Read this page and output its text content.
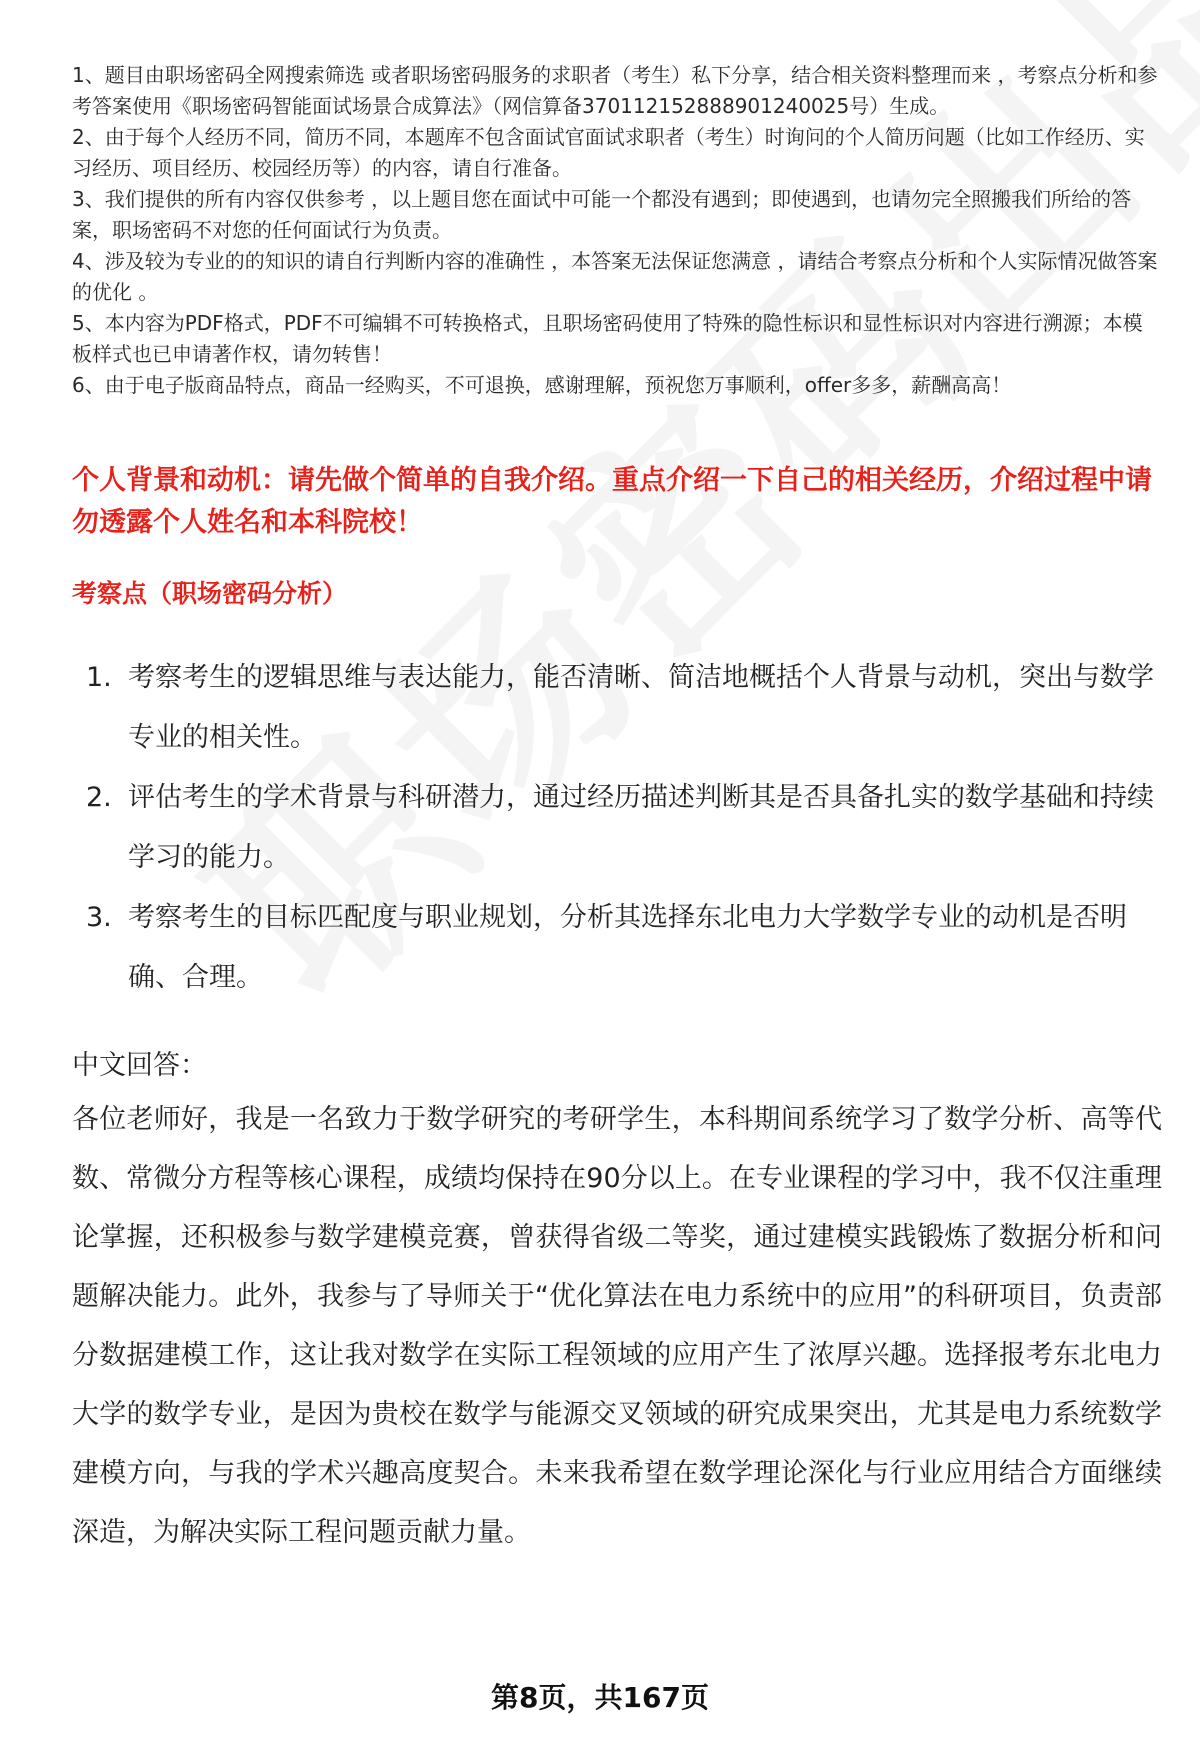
1、题目由职场密码全网搜索筛选 或者职场密码服务的求职者（考生）私下分享，结合相关资料整理而来 ，考察点分析和参考答案使用《职场密码智能面试场景合成算法》（网信算备370112152888901240025号）生成。
2、由于每个人经历不同，简历不同，本题库不包含面试官面试求职者（考生）时询问的个人简历问题（比如工作经历、实习经历、项目经历、校园经历等）的内容，请自行准备。
3、我们提供的所有内容仅供参考 ，以上题目您在面试中可能一个都没有遇到；即使遇到，也请勿完全照搬我们所给的答案，职场密码不对您的任何面试行为负责。
4、涉及较为专业的的知识的请自行判断内容的准确性 ，本答案无法保证您满意 ，请结合考察点分析和个人实际情况做答案的优化 。
5、本内容为PDF格式，PDF不可编辑不可转换格式，且职场密码使用了特殊的隐性标识和显性标识对内容进行溯源；本模板样式也已申请著作权，请勿转售！
6、由于电子版商品特点，商品一经购买，不可退换，感谢理解，预祝您万事顺利，offer多多，薪酬高高！

个人背景和动机：请先做个简单的自我介绍。重点介绍一下自己的相关经历，介绍过程中请勿透露个人姓名和本科院校！

考察点（职场密码分析）

1. 考察考生的逻辑思维与表达能力，能否清晰、简洁地概括个人背景与动机，突出与数学专业的相关性。
2. 评估考生的学术背景与科研潜力，通过经历描述判断其是否具备扎实的数学基础和持续学习的能力。
3. 考察考生的目标匹配度与职业规划，分析其选择东北电力大学数学专业的动机是否明确、合理。

中文回答：

各位老师好，我是一名致力于数学研究的考研学生，本科期间系统学习了数学分析、高等代数、常微分方程等核心课程，成绩均保持在90分以上。在专业课程的学习中，我不仅注重理论掌握，还积极参与数学建模竞赛，曾获得省级二等奖，通过建模实践锻炼了数据分析和问题解决能力。此外，我参与了导师关于“优化算法在电力系统中的应用”的科研项目，负责部分数据建模工作，这让我对数学在实际工程领域的应用产生了浓厚兴趣。选择报考东北电力大学的数学专业，是因为贵校在数学与能源交叉领域的研究成果突出，尤其是电力系统数学建模方向，与我的学术兴趣高度契合。未来我希望在数学理论深化与行业应用结合方面继续深造，为解决实际工程问题贡献力量。

第8页，共167页
